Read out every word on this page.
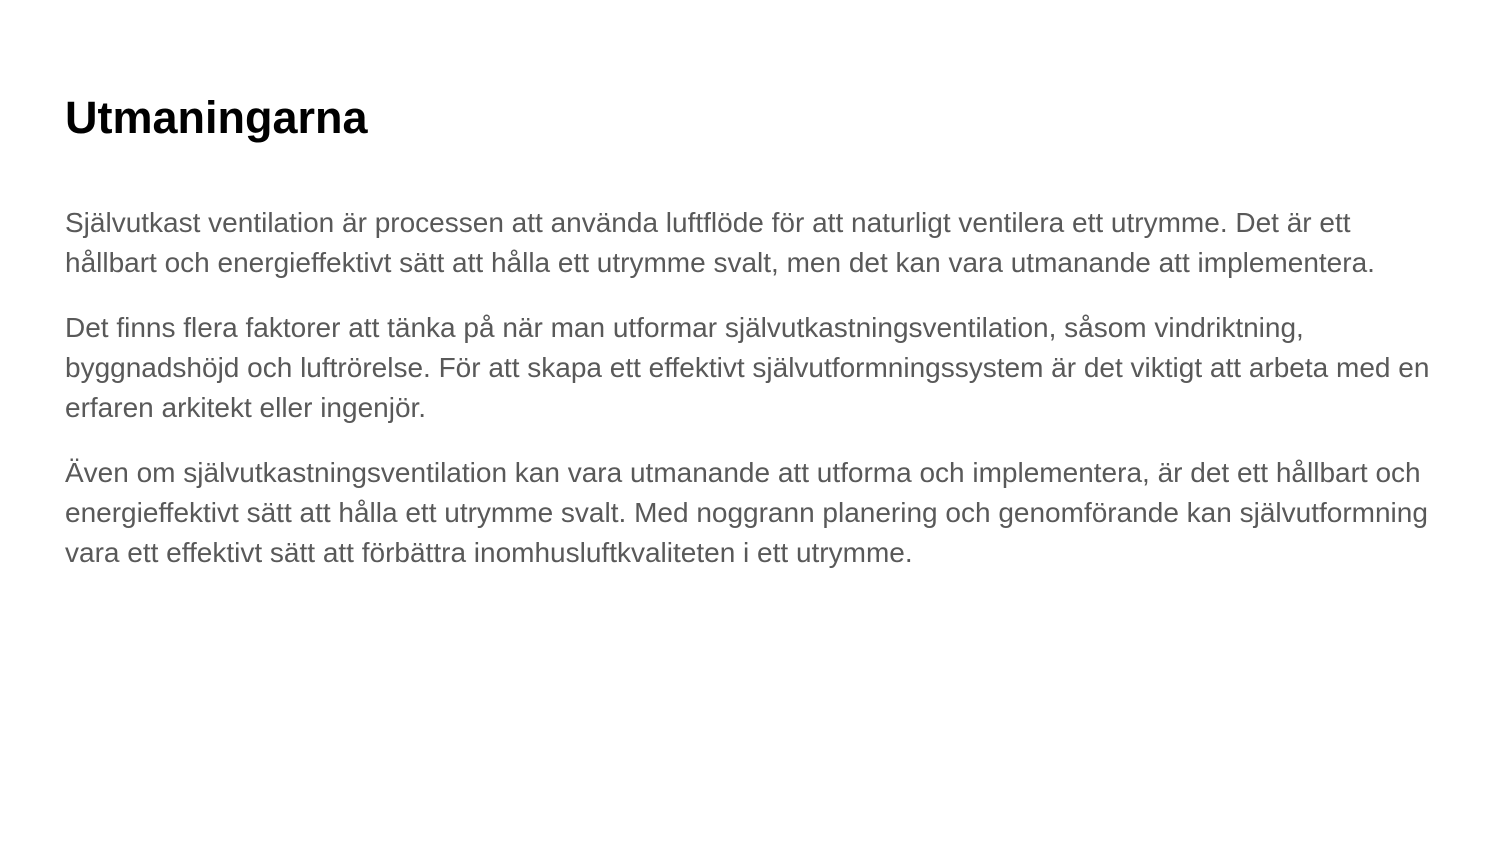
Utmaningarna

Självutkast ventilation är processen att använda luftflöde för att naturligt ventilera ett utrymme. Det är ett hållbart och energieffektivt sätt att hålla ett utrymme svalt, men det kan vara utmanande att implementera.

Det finns flera faktorer att tänka på när man utformar självutkastningsventilation, såsom vindriktning, byggnadshöjd och luftrörelse. För att skapa ett effektivt självutformningssystem är det viktigt att arbeta med en erfaren arkitekt eller ingenjör.

Även om självutkastningsventilation kan vara utmanande att utforma och implementera, är det ett hållbart och energieffektivt sätt att hålla ett utrymme svalt. Med noggrann planering och genomförande kan självutformning vara ett effektivt sätt att förbättra inomhusluftkvaliteten i ett utrymme.
